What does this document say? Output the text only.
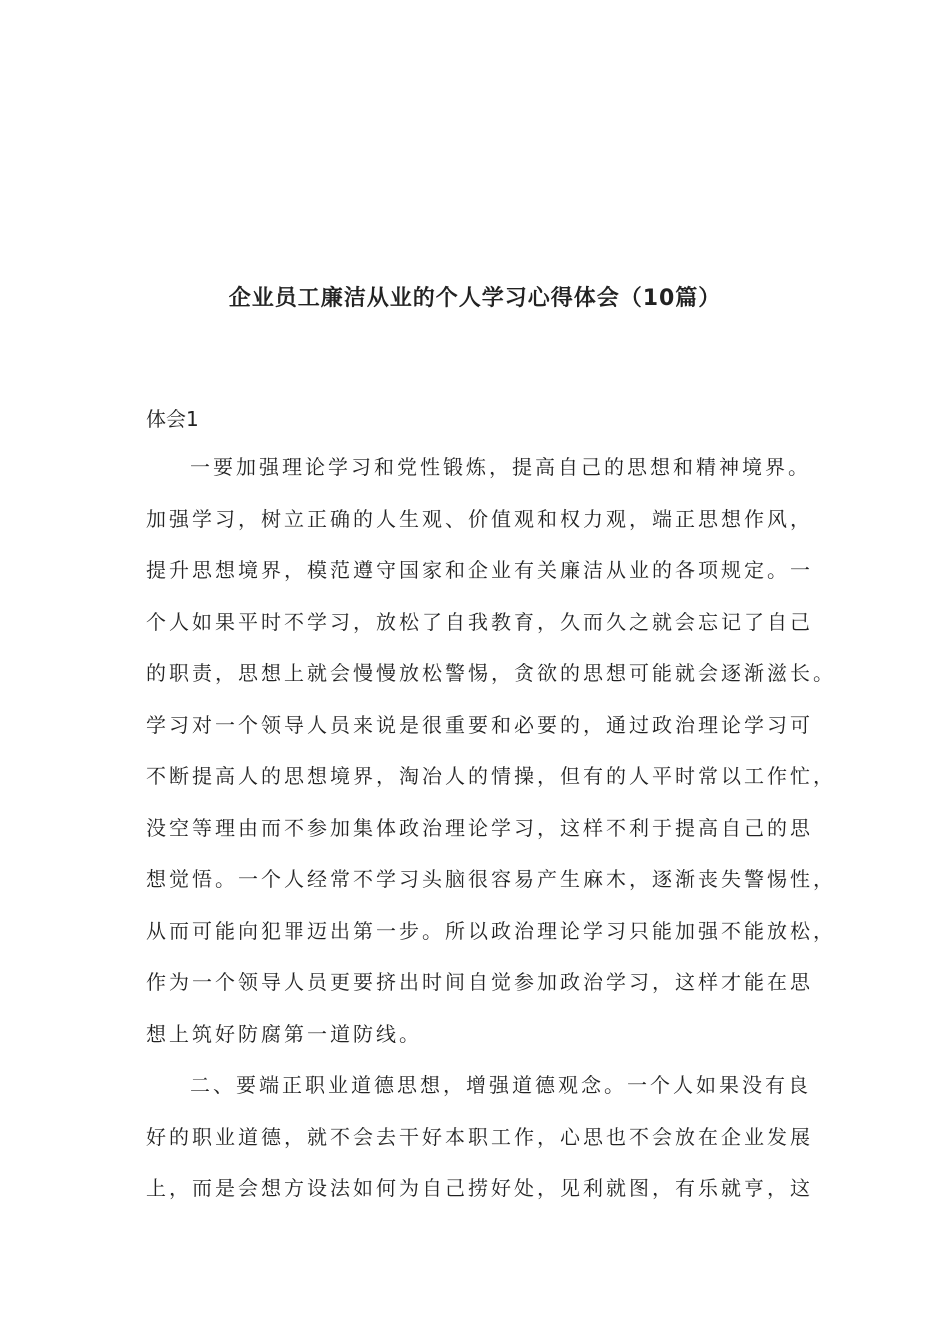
企业员工廉洁从业的个人学习心得体会（10篇）
体会1
一要加强理论学习和党性锻炼，提高自己的思想和精神境界。
加强学习，树立正确的人生观、价值观和权力观，端正思想作风，
提升思想境界，模范遵守国家和企业有关廉洁从业的各项规定。一
个人如果平时不学习，放松了自我教育，久而久之就会忘记了自己
的职责，思想上就会慢慢放松警惕，贪欲的思想可能就会逐渐滋长。
学习对一个领导人员来说是很重要和必要的，通过政治理论学习可
不断提高人的思想境界，淘冶人的情操，但有的人平时常以工作忙，
没空等理由而不参加集体政治理论学习，这样不利于提高自己的思
想觉悟。一个人经常不学习头脑很容易产生麻木，逐渐丧失警惕性，
从而可能向犯罪迈出第一步。所以政治理论学习只能加强不能放松，
作为一个领导人员更要挤出时间自觉参加政治学习，这样才能在思
想上筑好防腐第一道防线。
二、要端正职业道德思想，增强道德观念。一个人如果没有良
好的职业道德，就不会去干好本职工作，心思也不会放在企业发展
上，而是会想方设法如何为自己捞好处，见利就图，有乐就亨，这
